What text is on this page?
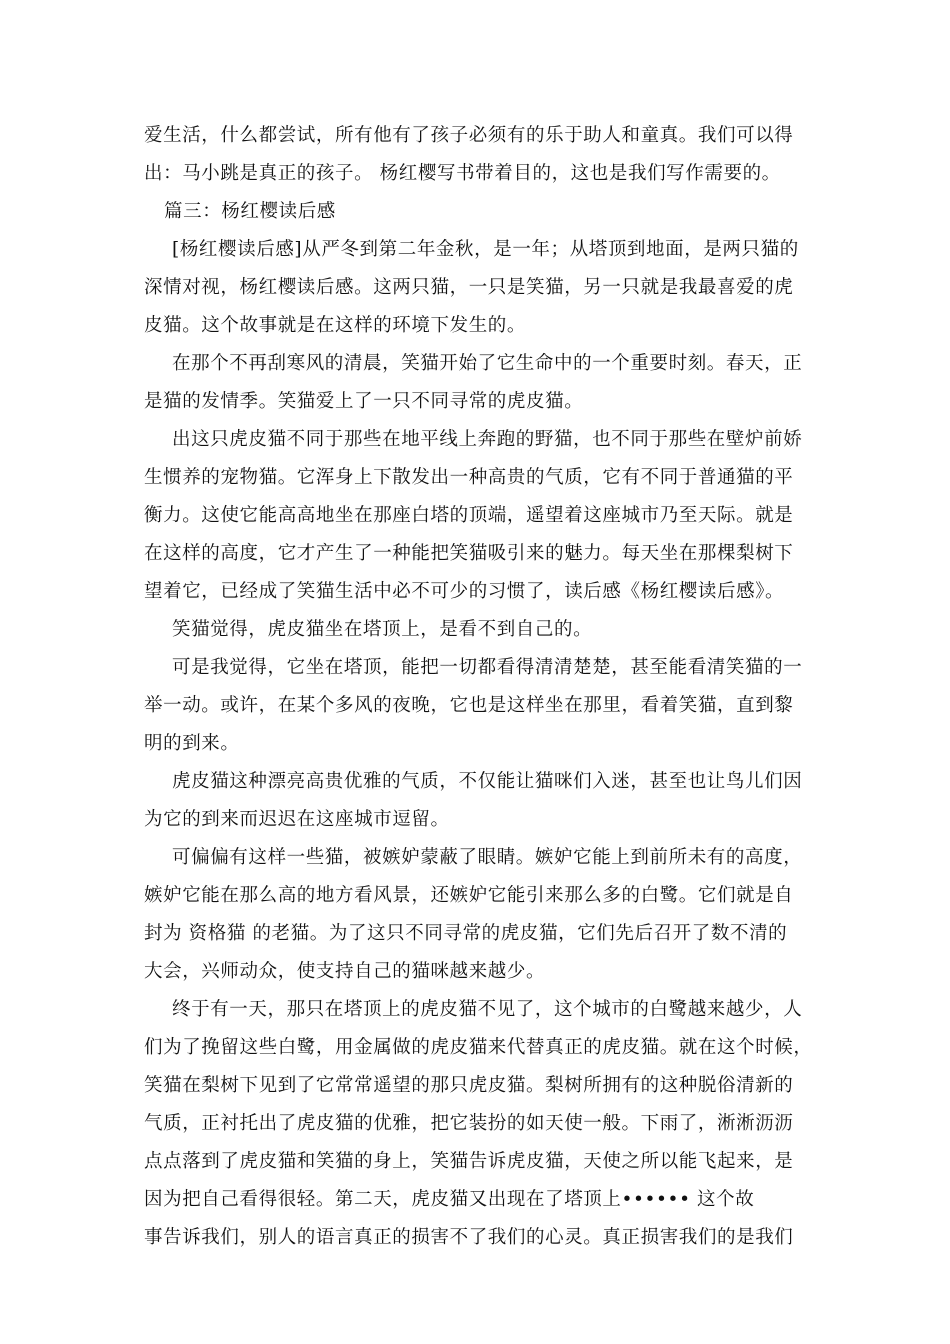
爱生活，什么都尝试，所有他有了孩子必须有的乐于助人和童真。我们可以得
出：马小跳是真正的孩子。 杨红樱写书带着目的，这也是我们写作需要的。
篇三：杨红樱读后感
[杨红樱读后感]从严冬到第二年金秋，是一年；从塔顶到地面，是两只猫的
深情对视，杨红樱读后感。这两只猫，一只是笑猫，另一只就是我最喜爱的虎
皮猫。这个故事就是在这样的环境下发生的。
在那个不再刮寒风的清晨，笑猫开始了它生命中的一个重要时刻。春天，正
是猫的发情季。笑猫爱上了一只不同寻常的虎皮猫。
出这只虎皮猫不同于那些在地平线上奔跑的野猫，也不同于那些在壁炉前娇
生惯养的宠物猫。它浑身上下散发出一种高贵的气质，它有不同于普通猫的平
衡力。这使它能高高地坐在那座白塔的顶端，遥望着这座城市乃至天际。就是
在这样的高度，它才产生了一种能把笑猫吸引来的魅力。每天坐在那棵梨树下
望着它，已经成了笑猫生活中必不可少的习惯了，读后感《杨红樱读后感》。
笑猫觉得，虎皮猫坐在塔顶上，是看不到自己的。
可是我觉得，它坐在塔顶，能把一切都看得清清楚楚，甚至能看清笑猫的一
举一动。或许，在某个多风的夜晚，它也是这样坐在那里，看着笑猫，直到黎
明的到来。
虎皮猫这种漂亮高贵优雅的气质，不仅能让猫咪们入迷，甚至也让鸟儿们因
为它的到来而迟迟在这座城市逗留。
可偏偏有这样一些猫，被嫉妒蒙蔽了眼睛。嫉妒它能上到前所未有的高度，
嫉妒它能在那么高的地方看风景，还嫉妒它能引来那么多的白鹭。它们就是自
封为 资格猫 的老猫。为了这只不同寻常的虎皮猫，它们先后召开了数不清的
大会，兴师动众，使支持自己的猫咪越来越少。
终于有一天，那只在塔顶上的虎皮猫不见了，这个城市的白鹭越来越少，人
们为了挽留这些白鹭，用金属做的虎皮猫来代替真正的虎皮猫。就在这个时候，
笑猫在梨树下见到了它常常遥望的那只虎皮猫。梨树所拥有的这种脱俗清新的
气质，正衬托出了虎皮猫的优雅，把它装扮的如天使一般。下雨了，淅淅沥沥
点点落到了虎皮猫和笑猫的身上，笑猫告诉虎皮猫，天使之所以能飞起来，是
因为把自己看得很轻。第二天，虎皮猫又出现在了塔顶上•••••• 这个故
事告诉我们，别人的语言真正的损害不了我们的心灵。真正损害我们的是我们
